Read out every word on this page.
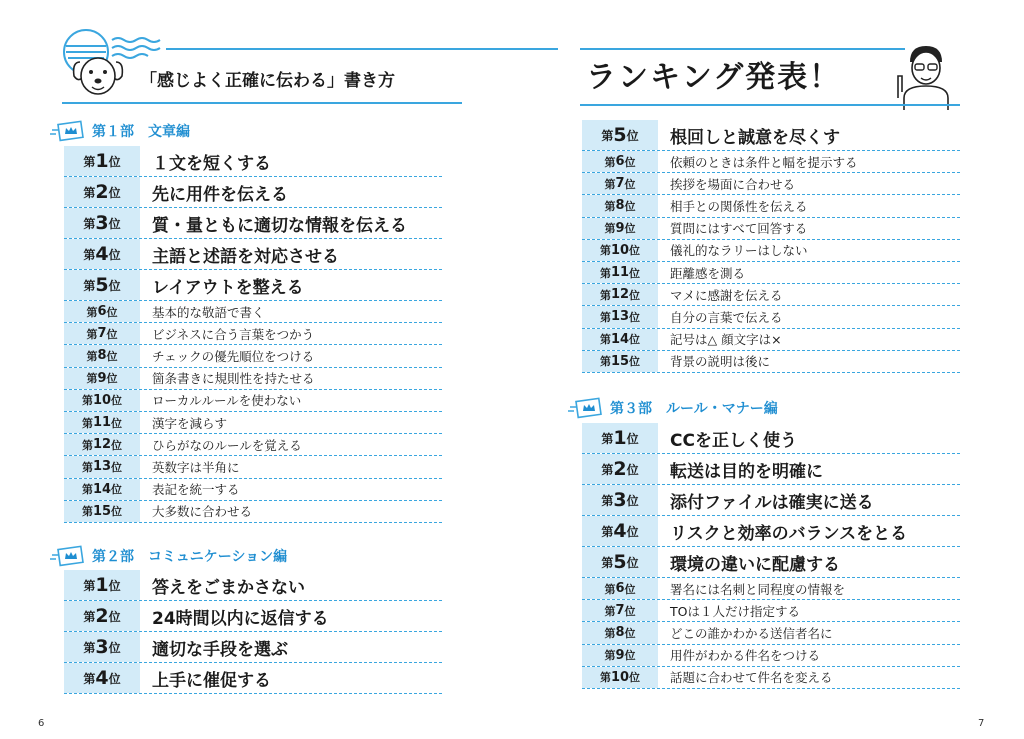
「感じよく正確に伝わる」書き方	ランキング発表！
第１部　文章編
第 1 位	１文を短くする
第 2 位	先に用件を伝える
第 3 位	質・量ともに適切な情報を伝える
第 4 位	主語と述語を対応させる
第 5 位	レイアウトを整える
第 6 位	基本的な敬語で書く
第 7 位	ビジネスに合う言葉をつかう
第 8 位	チェックの優先順位をつける
第 9 位	箇条書きに規則性を持たせる
第 10 位	ローカルルールを使わない
第 11 位	漢字を減らす
第 12 位	ひらがなのルールを覚える
第 13 位	英数字は半角に
第 14 位	表記を統一する
第 15 位	大多数に合わせる
第２部　コミュニケーション編
第 1 位	答えをごまかさない
第 2 位	24時間以内に返信する
第 3 位	適切な手段を選ぶ
第 4 位	上手に催促する
第 5 位	根回しと誠意を尽くす
第 6 位	依頼のときは条件と幅を提示する
第 7 位	挨拶を場面に合わせる
第 8 位	相手との関係性を伝える
第 9 位	質問にはすべて回答する
第 10 位	儀礼的なラリーはしない
第 11 位	距離感を測る
第 12 位	マメに感謝を伝える
第 13 位	自分の言葉で伝える
第 14 位	記号は△ 顔文字は×
第 15 位	背景の説明は後に
第３部　ルール・マナー編
第 1 位	CCを正しく使う
第 2 位	転送は目的を明確に
第 3 位	添付ファイルは確実に送る
第 4 位	リスクと効率のバランスをとる
第 5 位	環境の違いに配慮する
第 6 位	署名には名刺と同程度の情報を
第 7 位	TOは１人だけ指定する
第 8 位	どこの誰かわかる送信者名に
第 9 位	用件がわかる件名をつける
第 10 位	話題に合わせて件名を変える
6	7
